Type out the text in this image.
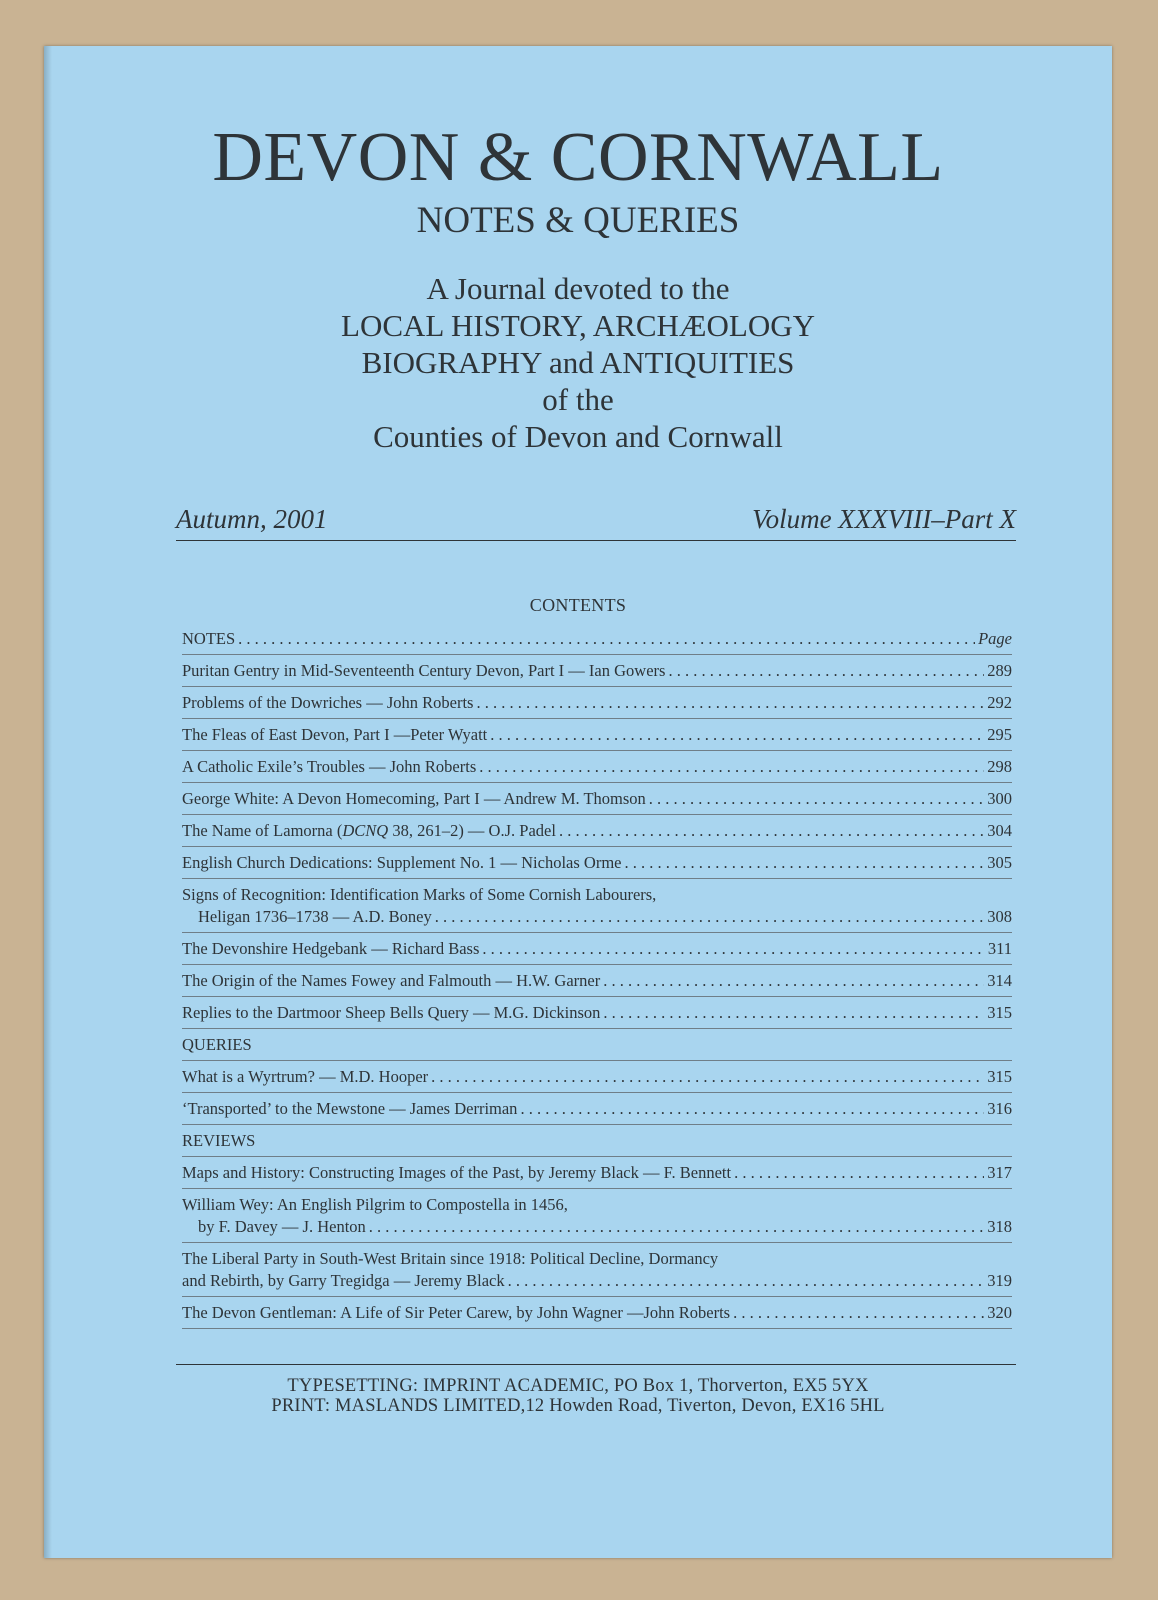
DEVON & CORNWALL
NOTES & QUERIES
A Journal devoted to the
LOCAL HISTORY, ARCHÆOLOGY
BIOGRAPHY and ANTIQUITIES
of the
Counties of Devon and Cornwall
Autumn, 2001	Volume XXXVIII–Part X
CONTENTS
NOTES . . .	Page
Puritan Gentry in Mid-Seventeenth Century Devon, Part I — Ian Gowers . . .	289
Problems of the Dowriches — John Roberts . . .	292
The Fleas of East Devon, Part I —Peter Wyatt . . .	295
A Catholic Exile’s Troubles — John Roberts . . .	298
George White: A Devon Homecoming, Part I — Andrew M. Thomson . . .	300
The Name of Lamorna (DCNQ 38, 261–2) — O.J. Padel . . .	304
English Church Dedications: Supplement No. 1 — Nicholas Orme . . .	305
Signs of Recognition: Identification Marks of Some Cornish Labourers,
Heligan 1736–1738 — A.D. Boney . . .	308
The Devonshire Hedgebank — Richard Bass . . .	311
The Origin of the Names Fowey and Falmouth — H.W. Garner . . .	314
Replies to the Dartmoor Sheep Bells Query — M.G. Dickinson . . .	315
QUERIES
What is a Wyrtrum? — M.D. Hooper . . .	315
‘Transported’ to the Mewstone — James Derriman . . .	316
REVIEWS
Maps and History: Constructing Images of the Past, by Jeremy Black — F. Bennett . . .	317
William Wey: An English Pilgrim to Compostella in 1456,
by F. Davey — J. Henton . . .	318
The Liberal Party in South-West Britain since 1918: Political Decline, Dormancy
and Rebirth, by Garry Tregidga — Jeremy Black . . .	319
The Devon Gentleman: A Life of Sir Peter Carew, by John Wagner —John Roberts . . .	320
TYPESETTING: IMPRINT ACADEMIC, PO Box 1, Thorverton, EX5 5YX
PRINT: MASLANDS LIMITED,12 Howden Road, Tiverton, Devon, EX16 5HL
